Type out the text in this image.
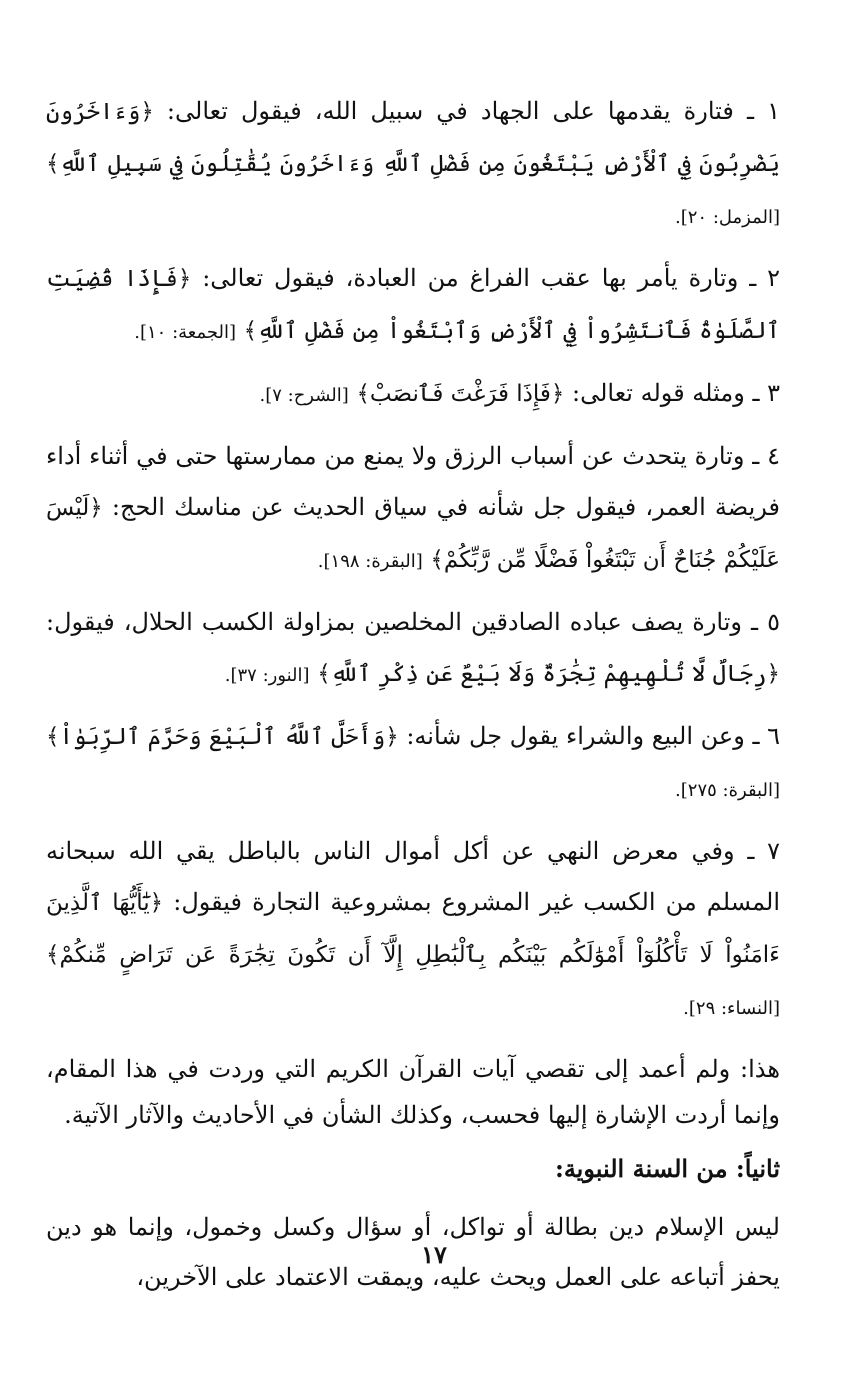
١ ـ فتارة يقدمها على الجهاد في سبيل الله، فيقول تعالى: ﴿وَءَاخَرُونَ يَضْرِبُونَ فِي ٱلْأَرْضِ يَبْتَغُونَ مِن فَضْلِ ٱللَّهِ وَءَاخَرُونَ يُقَٰتِلُونَ فِي سَبِيلِ ٱللَّهِ﴾ [المزمل: ٢٠].

٢ ـ وتارة يأمر بها عقب الفراغ من العبادة، فيقول تعالى: ﴿فَإِذَا قُضِيَتِ ٱلصَّلَوٰةُ فَٱنتَشِرُواْ فِي ٱلْأَرْضِ وَٱبْتَغُواْ مِن فَضْلِ ٱللَّهِ﴾ [الجمعة: ١٠].

٣ ـ ومثله قوله تعالى: ﴿فَإِذَا فَرَغْتَ فَٱنصَبْ﴾ [الشرح: ٧].

٤ ـ وتارة يتحدث عن أسباب الرزق ولا يمنع من ممارستها حتى في أثناء أداء فريضة العمر، فيقول جل شأنه في سياق الحديث عن مناسك الحج: ﴿لَيْسَ عَلَيْكُمْ جُنَاحٌ أَن تَبْتَغُواْ فَضْلًا مِّن رَّبِّكُمْ﴾ [البقرة: ١٩٨].

٥ ـ وتارة يصف عباده الصادقين المخلصين بمزاولة الكسب الحلال، فيقول: ﴿رِجَالٌ لَّا تُلْهِيهِمْ تِجَٰرَةٌ وَلَا بَيْعٌ عَن ذِكْرِ ٱللَّهِ﴾ [النور: ٣٧].

٦ ـ وعن البيع والشراء يقول جل شأنه: ﴿وَأَحَلَّ ٱللَّهُ ٱلْبَيْعَ وَحَرَّمَ ٱلرِّبَوٰاْ﴾ [البقرة: ٢٧٥].

٧ ـ وفي معرض النهي عن أكل أموال الناس بالباطل يقي الله سبحانه المسلم من الكسب غير المشروع بمشروعية التجارة فيقول: ﴿يَٰٓأَيُّهَا ٱلَّذِينَ ءَامَنُواْ لَا تَأْكُلُوٓاْ أَمْوَٰلَكُم بَيْنَكُم بِٱلْبَٰطِلِ إِلَّآ أَن تَكُونَ تِجَٰرَةً عَن تَرَاضٍ مِّنكُمْ﴾ [النساء: ٢٩].

هذا: ولم أعمد إلى تقصي آيات القرآن الكريم التي وردت في هذا المقام، وإنما أردت الإشارة إليها فحسب، وكذلك الشأن في الأحاديث والآثار الآتية.

ثانياً: من السنة النبوية:

ليس الإسلام دين بطالة أو تواكل، أو سؤال وكسل وخمول، وإنما هو دين يحفز أتباعه على العمل ويحث عليه، ويمقت الاعتماد على الآخرين،

١٧
